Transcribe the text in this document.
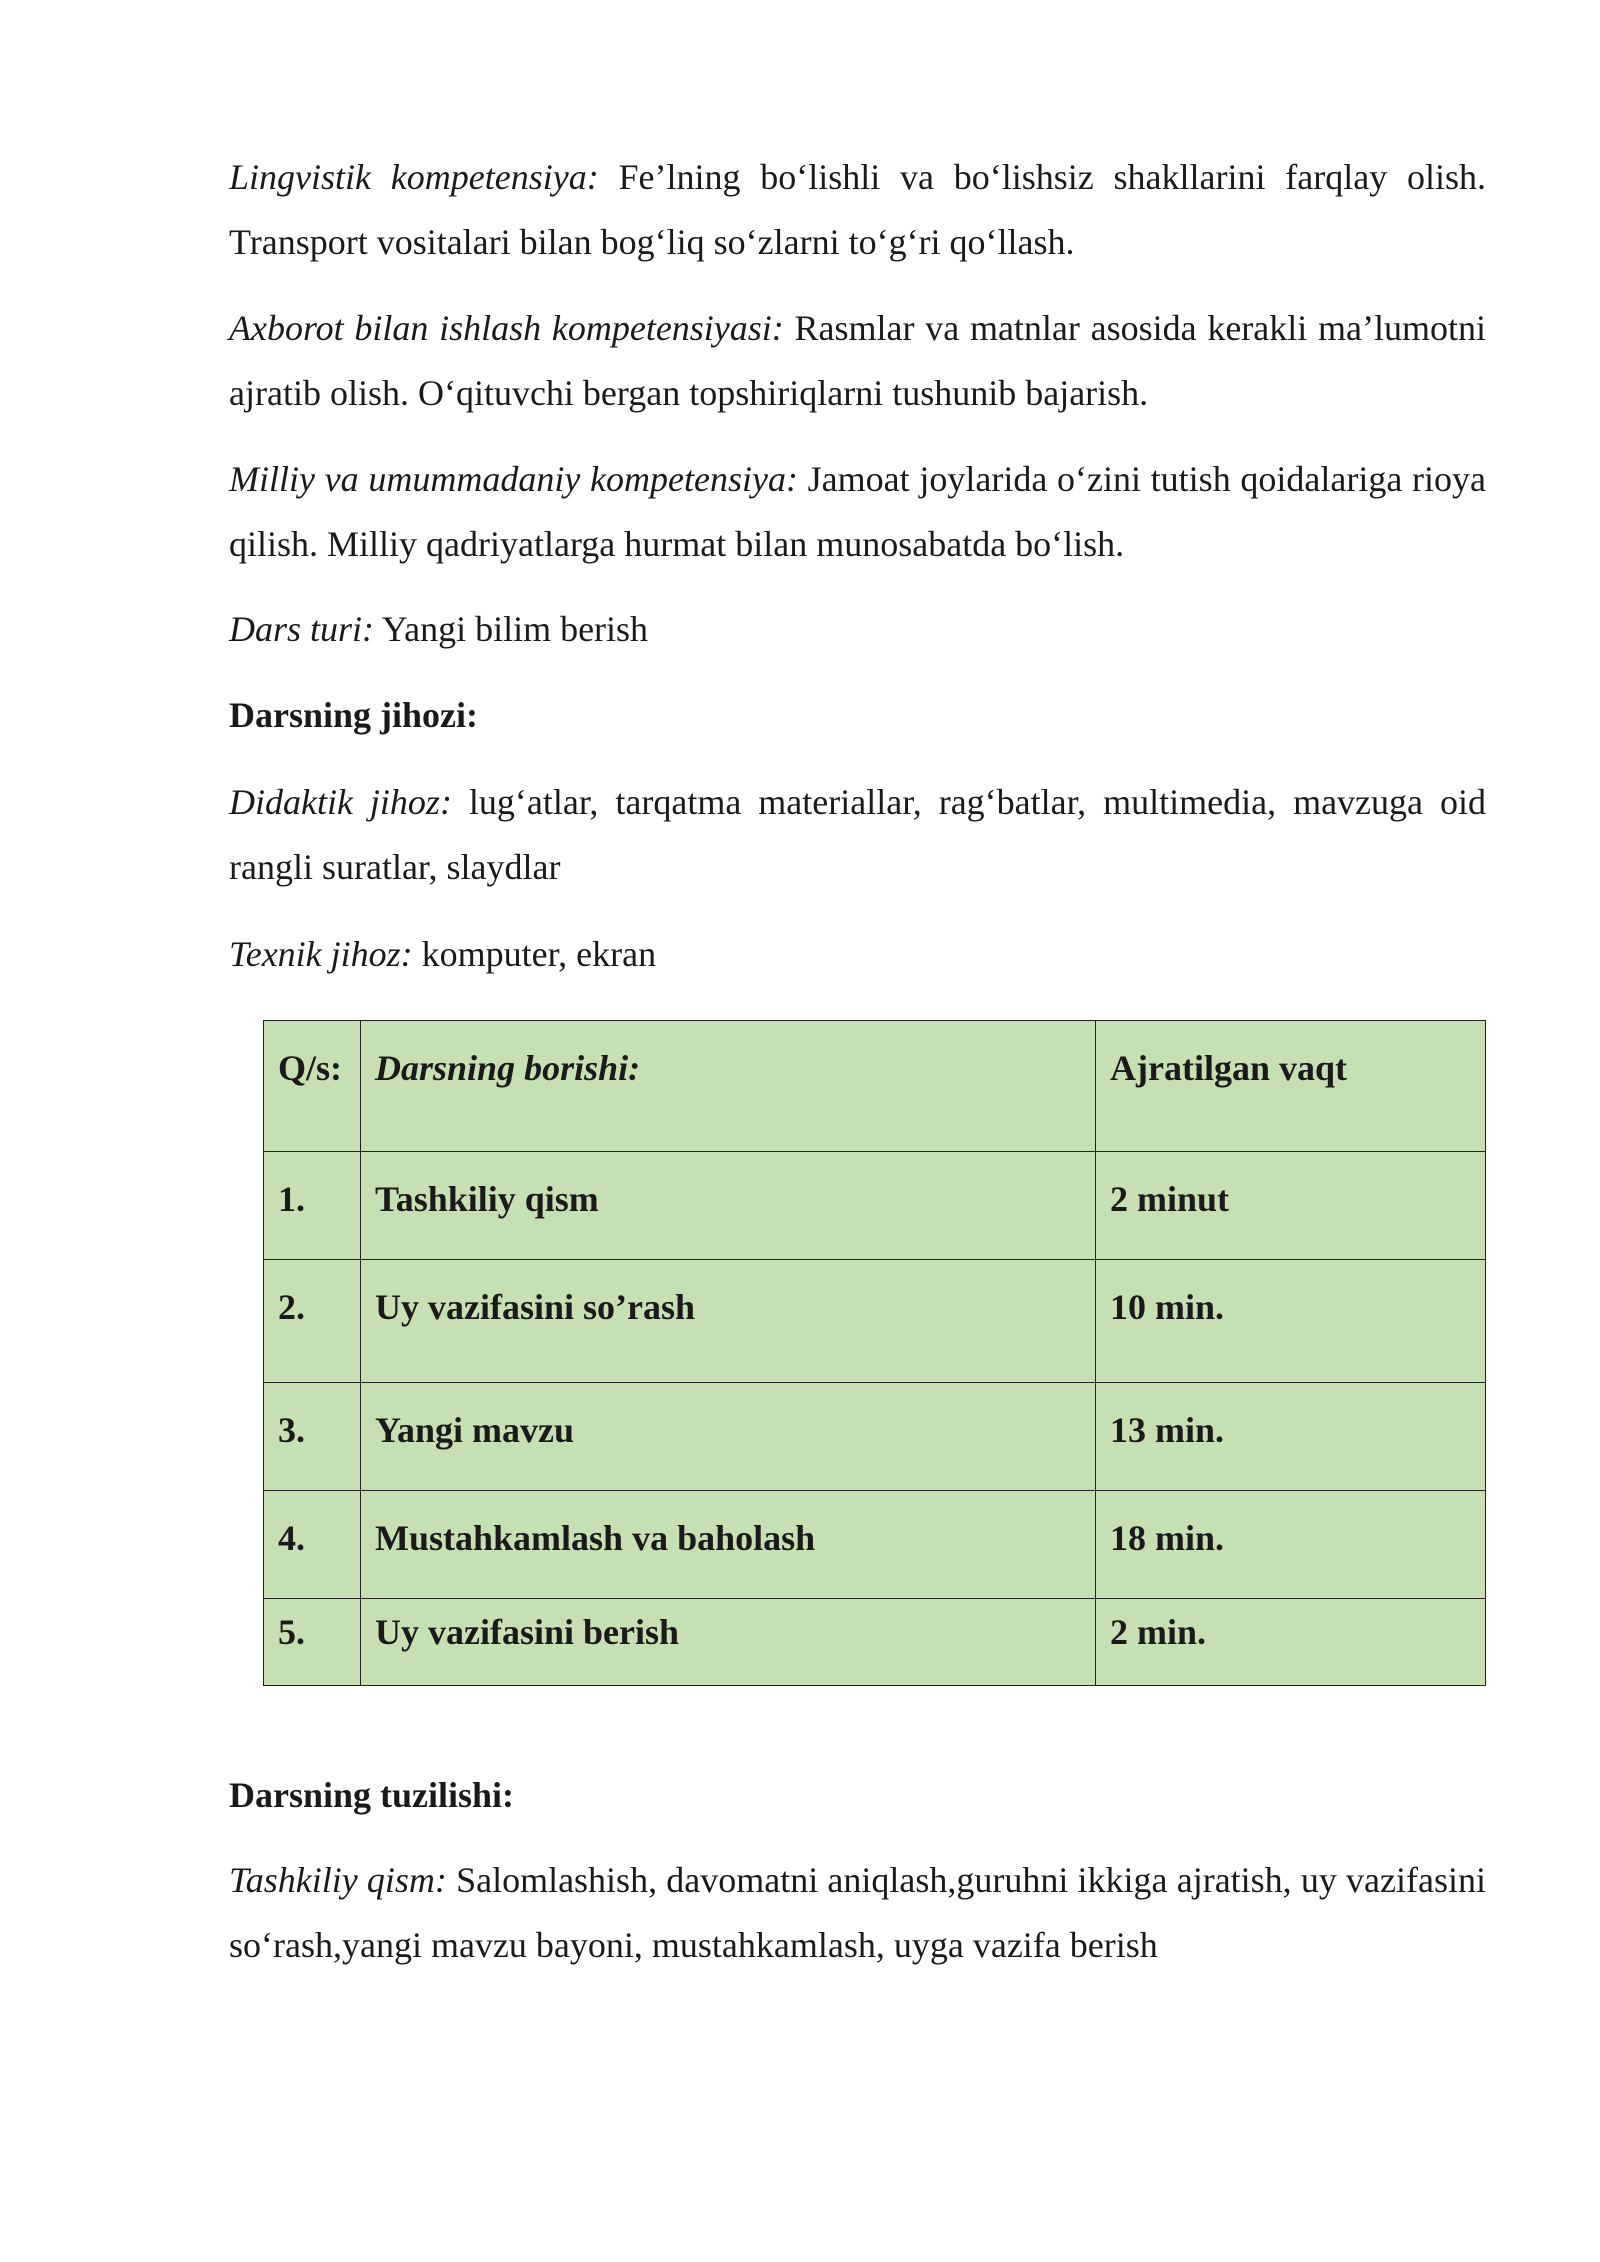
Lingvistik kompetensiya: Fe’lning bo‘lishli va bo‘lishsiz shakllarini farqlay olish. Transport vositalari bilan bog‘liq so‘zlarni to‘g‘ri qo‘llash.

Axborot bilan ishlash kompetensiyasi: Rasmlar va matnlar asosida kerakli ma’lumotni ajratib olish. O‘qituvchi bergan topshiriqlarni tushunib bajarish.

Milliy va umummadaniy kompetensiya: Jamoat joylarida o‘zini tutish qoidalariga rioya qilish. Milliy qadriyatlarga hurmat bilan munosabatda bo‘lish.

Dars turi: Yangi bilim berish

Darsning jihozi:

Didaktik jihoz: lug‘atlar, tarqatma materiallar, rag‘batlar, multimedia, mavzuga oid rangli suratlar, slaydlar

Texnik jihoz: komputer, ekran

Q/s:	Darsning borishi:	Ajratilgan vaqt
1.	Tashkiliy qism	2 minut
2.	Uy vazifasini so’rash	10 min.
3.	Yangi mavzu	13 min.
4.	Mustahkamlash va baholash	18 min.
5.	Uy vazifasini berish	2 min.

Darsning tuzilishi:

Tashkiliy qism: Salomlashish, davomatni aniqlash,guruhni ikkiga ajratish, uy vazifasini so‘rash,yangi mavzu bayoni, mustahkamlash, uyga vazifa berish
